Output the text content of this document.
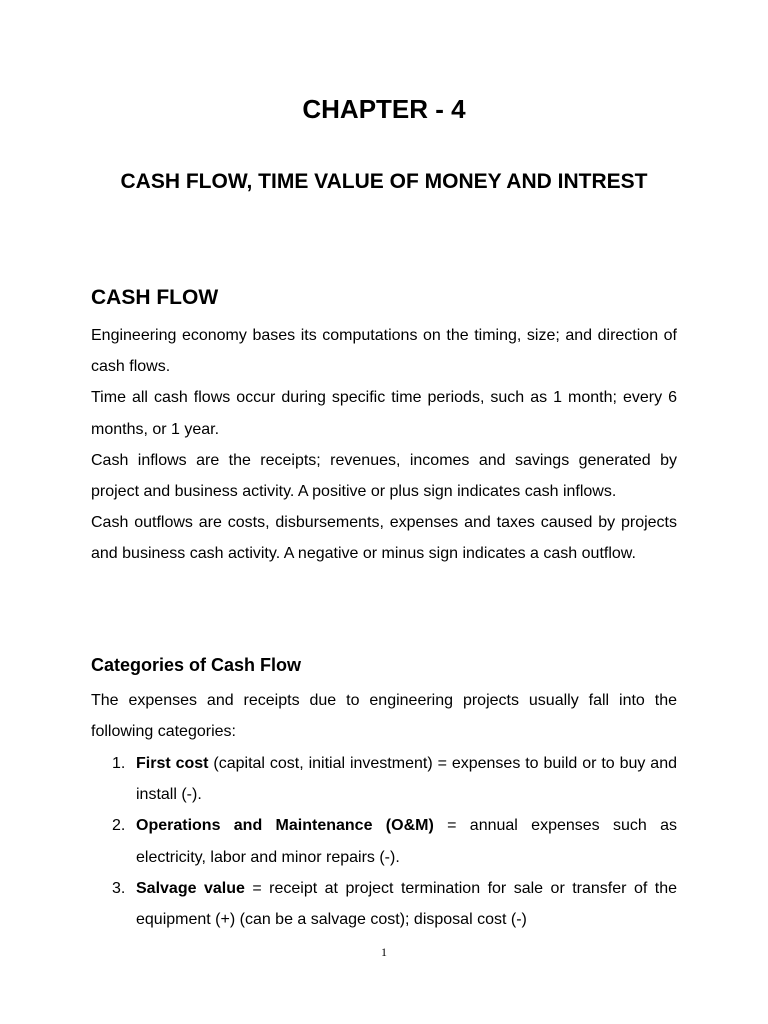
CHAPTER - 4
CASH FLOW, TIME VALUE OF MONEY AND INTREST
CASH FLOW

Engineering economy bases its computations on the timing, size; and direction of cash flows.

Time all cash flows occur during specific time periods, such as 1 month; every 6 months, or 1 year.

Cash inflows are the receipts; revenues, incomes and savings generated by project and business activity. A positive or plus sign indicates cash inflows.

Cash outflows are costs, disbursements, expenses and taxes caused by projects and business cash activity. A negative or minus sign indicates a cash outflow.

Categories of Cash Flow

The expenses and receipts due to engineering projects usually fall into the following categories:

1. First cost (capital cost, initial investment) = expenses to build or to buy and install (-).
2. Operations and Maintenance (O&M) = annual expenses such as electricity, labor and minor repairs (-).
3. Salvage value = receipt at project termination for sale or transfer of the equipment (+) (can be a salvage cost); disposal cost (-)
1
